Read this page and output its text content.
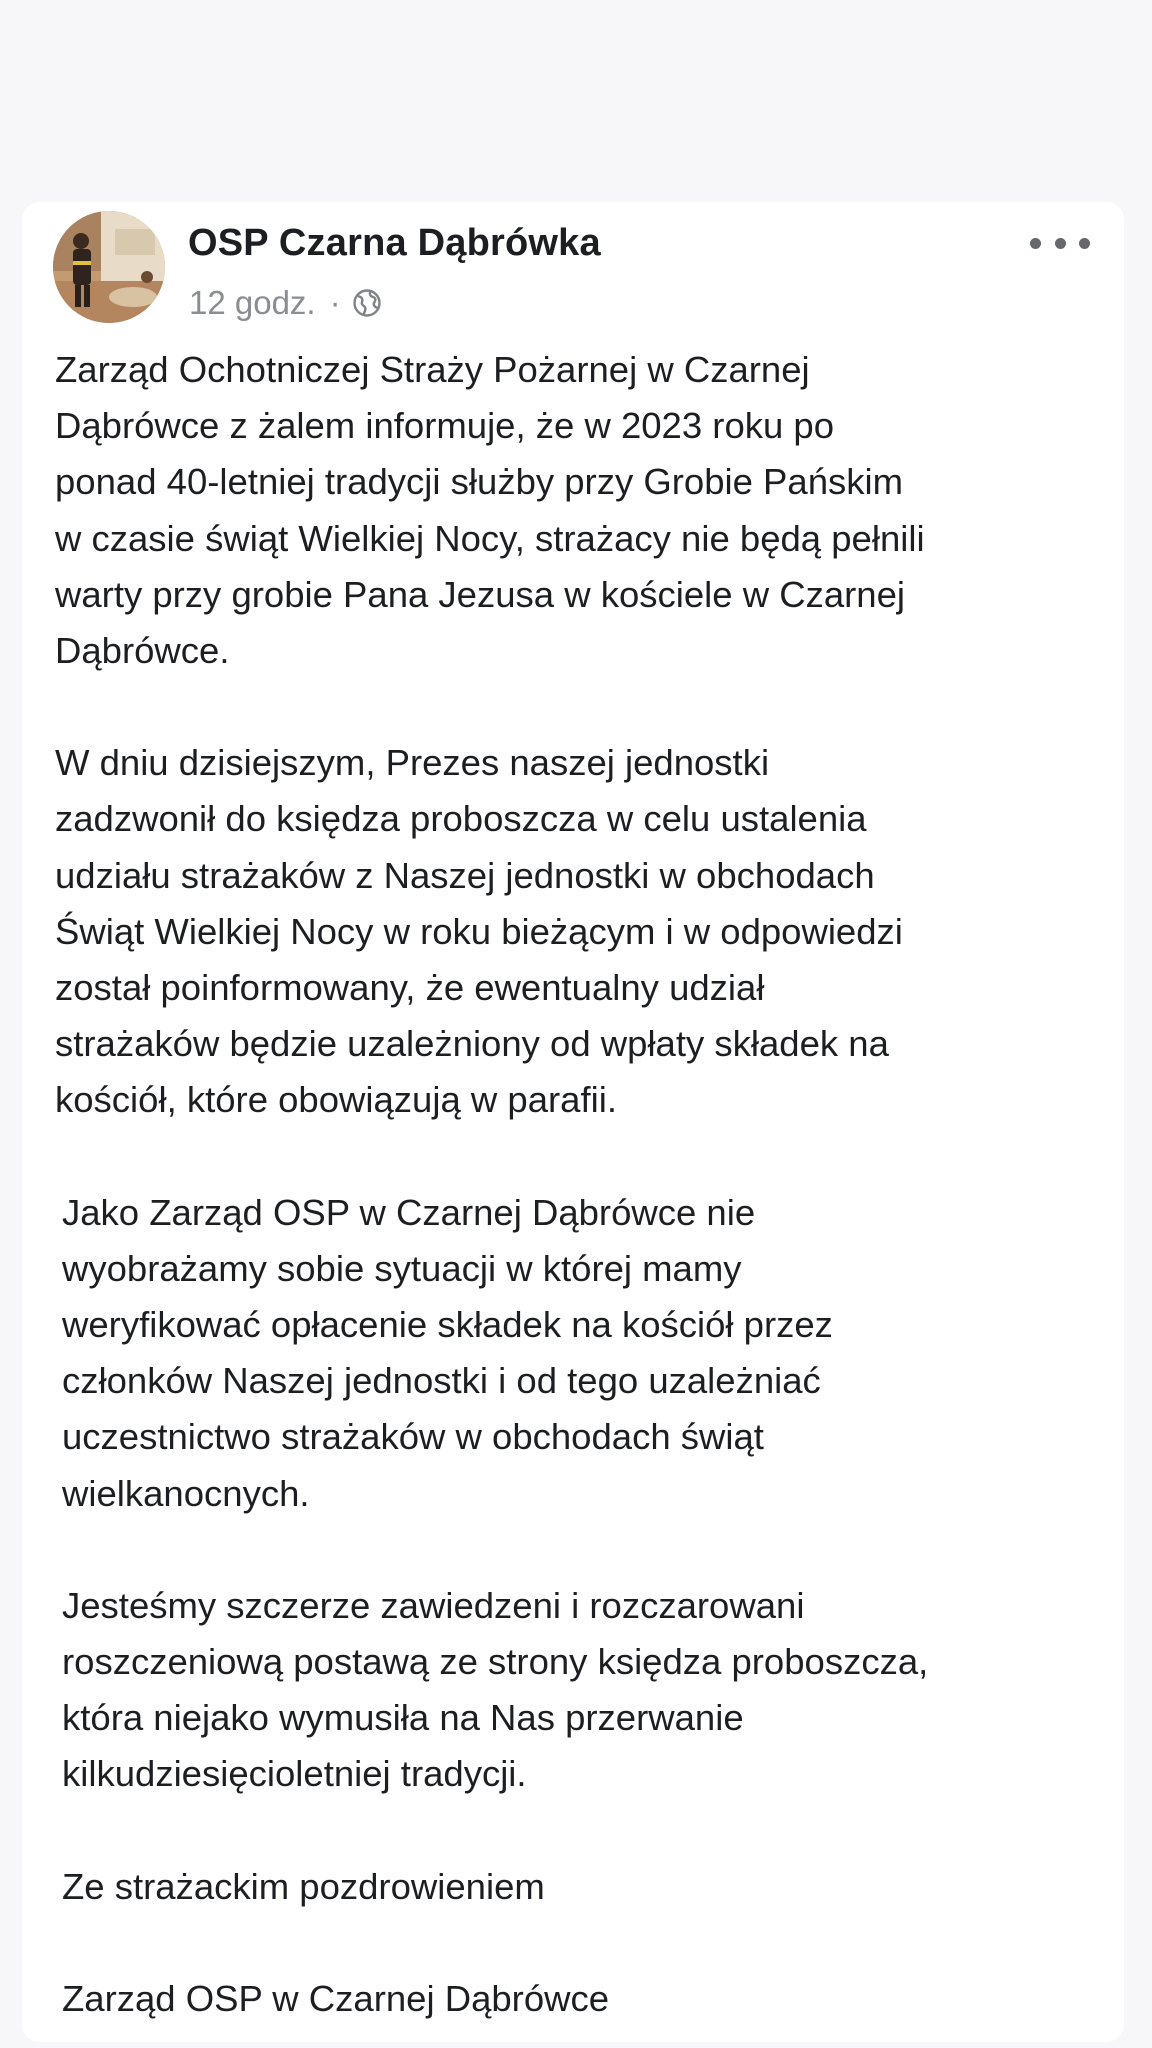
OSP Czarna Dąbrówka
12 godz. ·

Zarząd Ochotniczej Straży Pożarnej w Czarnej
Dąbrówce z żalem informuje, że w 2023 roku po
ponad 40-letniej tradycji służby przy Grobie Pańskim
w czasie świąt Wielkiej Nocy, strażacy nie będą pełnili
warty przy grobie Pana Jezusa w kościele w Czarnej
Dąbrówce.

W dniu dzisiejszym, Prezes naszej jednostki
zadzwonił do księdza proboszcza w celu ustalenia
udziału strażaków z Naszej jednostki w obchodach
Świąt Wielkiej Nocy w roku bieżącym i w odpowiedzi
został poinformowany, że ewentualny udział
strażaków będzie uzależniony od wpłaty składek na
kościół, które obowiązują w parafii.

Jako Zarząd OSP w Czarnej Dąbrówce nie
wyobrażamy sobie sytuacji w której mamy
weryfikować opłacenie składek na kościół przez
członków Naszej jednostki i od tego uzależniać
uczestnictwo strażaków w obchodach świąt
wielkanocnych.

Jesteśmy szczerze zawiedzeni i rozczarowani
roszczeniową postawą ze strony księdza proboszcza,
która niejako wymusiła na Nas przerwanie
kilkudziesięcioletniej tradycji.

Ze strażackim pozdrowieniem

Zarząd OSP w Czarnej Dąbrówce
